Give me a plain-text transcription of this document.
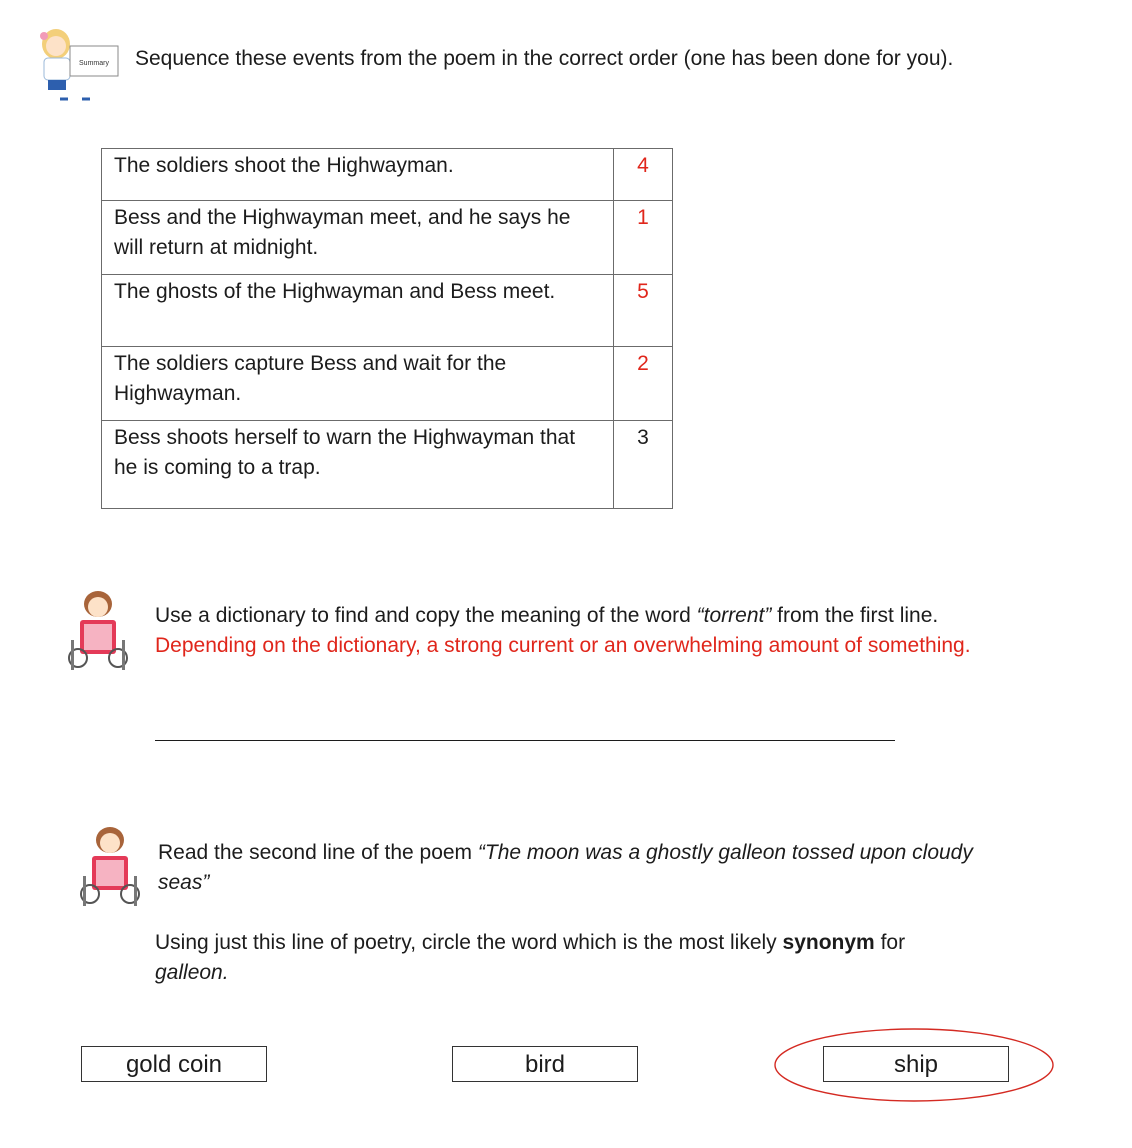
Summary Sequence these events from the poem in the correct order (one has been done for you).
The soldiers shoot the Highwayman.	4
Bess and the Highwayman meet, and he says he will return at midnight.	1
The ghosts of the Highwayman and Bess meet.	5
The soldiers capture Bess and wait for the Highwayman.	2
Bess shoots herself to warn the Highwayman that he is coming to a trap.	3
Use a dictionary to find and copy the meaning of the word “torrent” from the first line. Depending on the dictionary, a strong current or an overwhelming amount of something.
Read the second line of the poem “The moon was a ghostly galleon tossed upon cloudy seas”
Using just this line of poetry, circle the word which is the most likely synonym for
galleon.
gold coin	bird	ship
